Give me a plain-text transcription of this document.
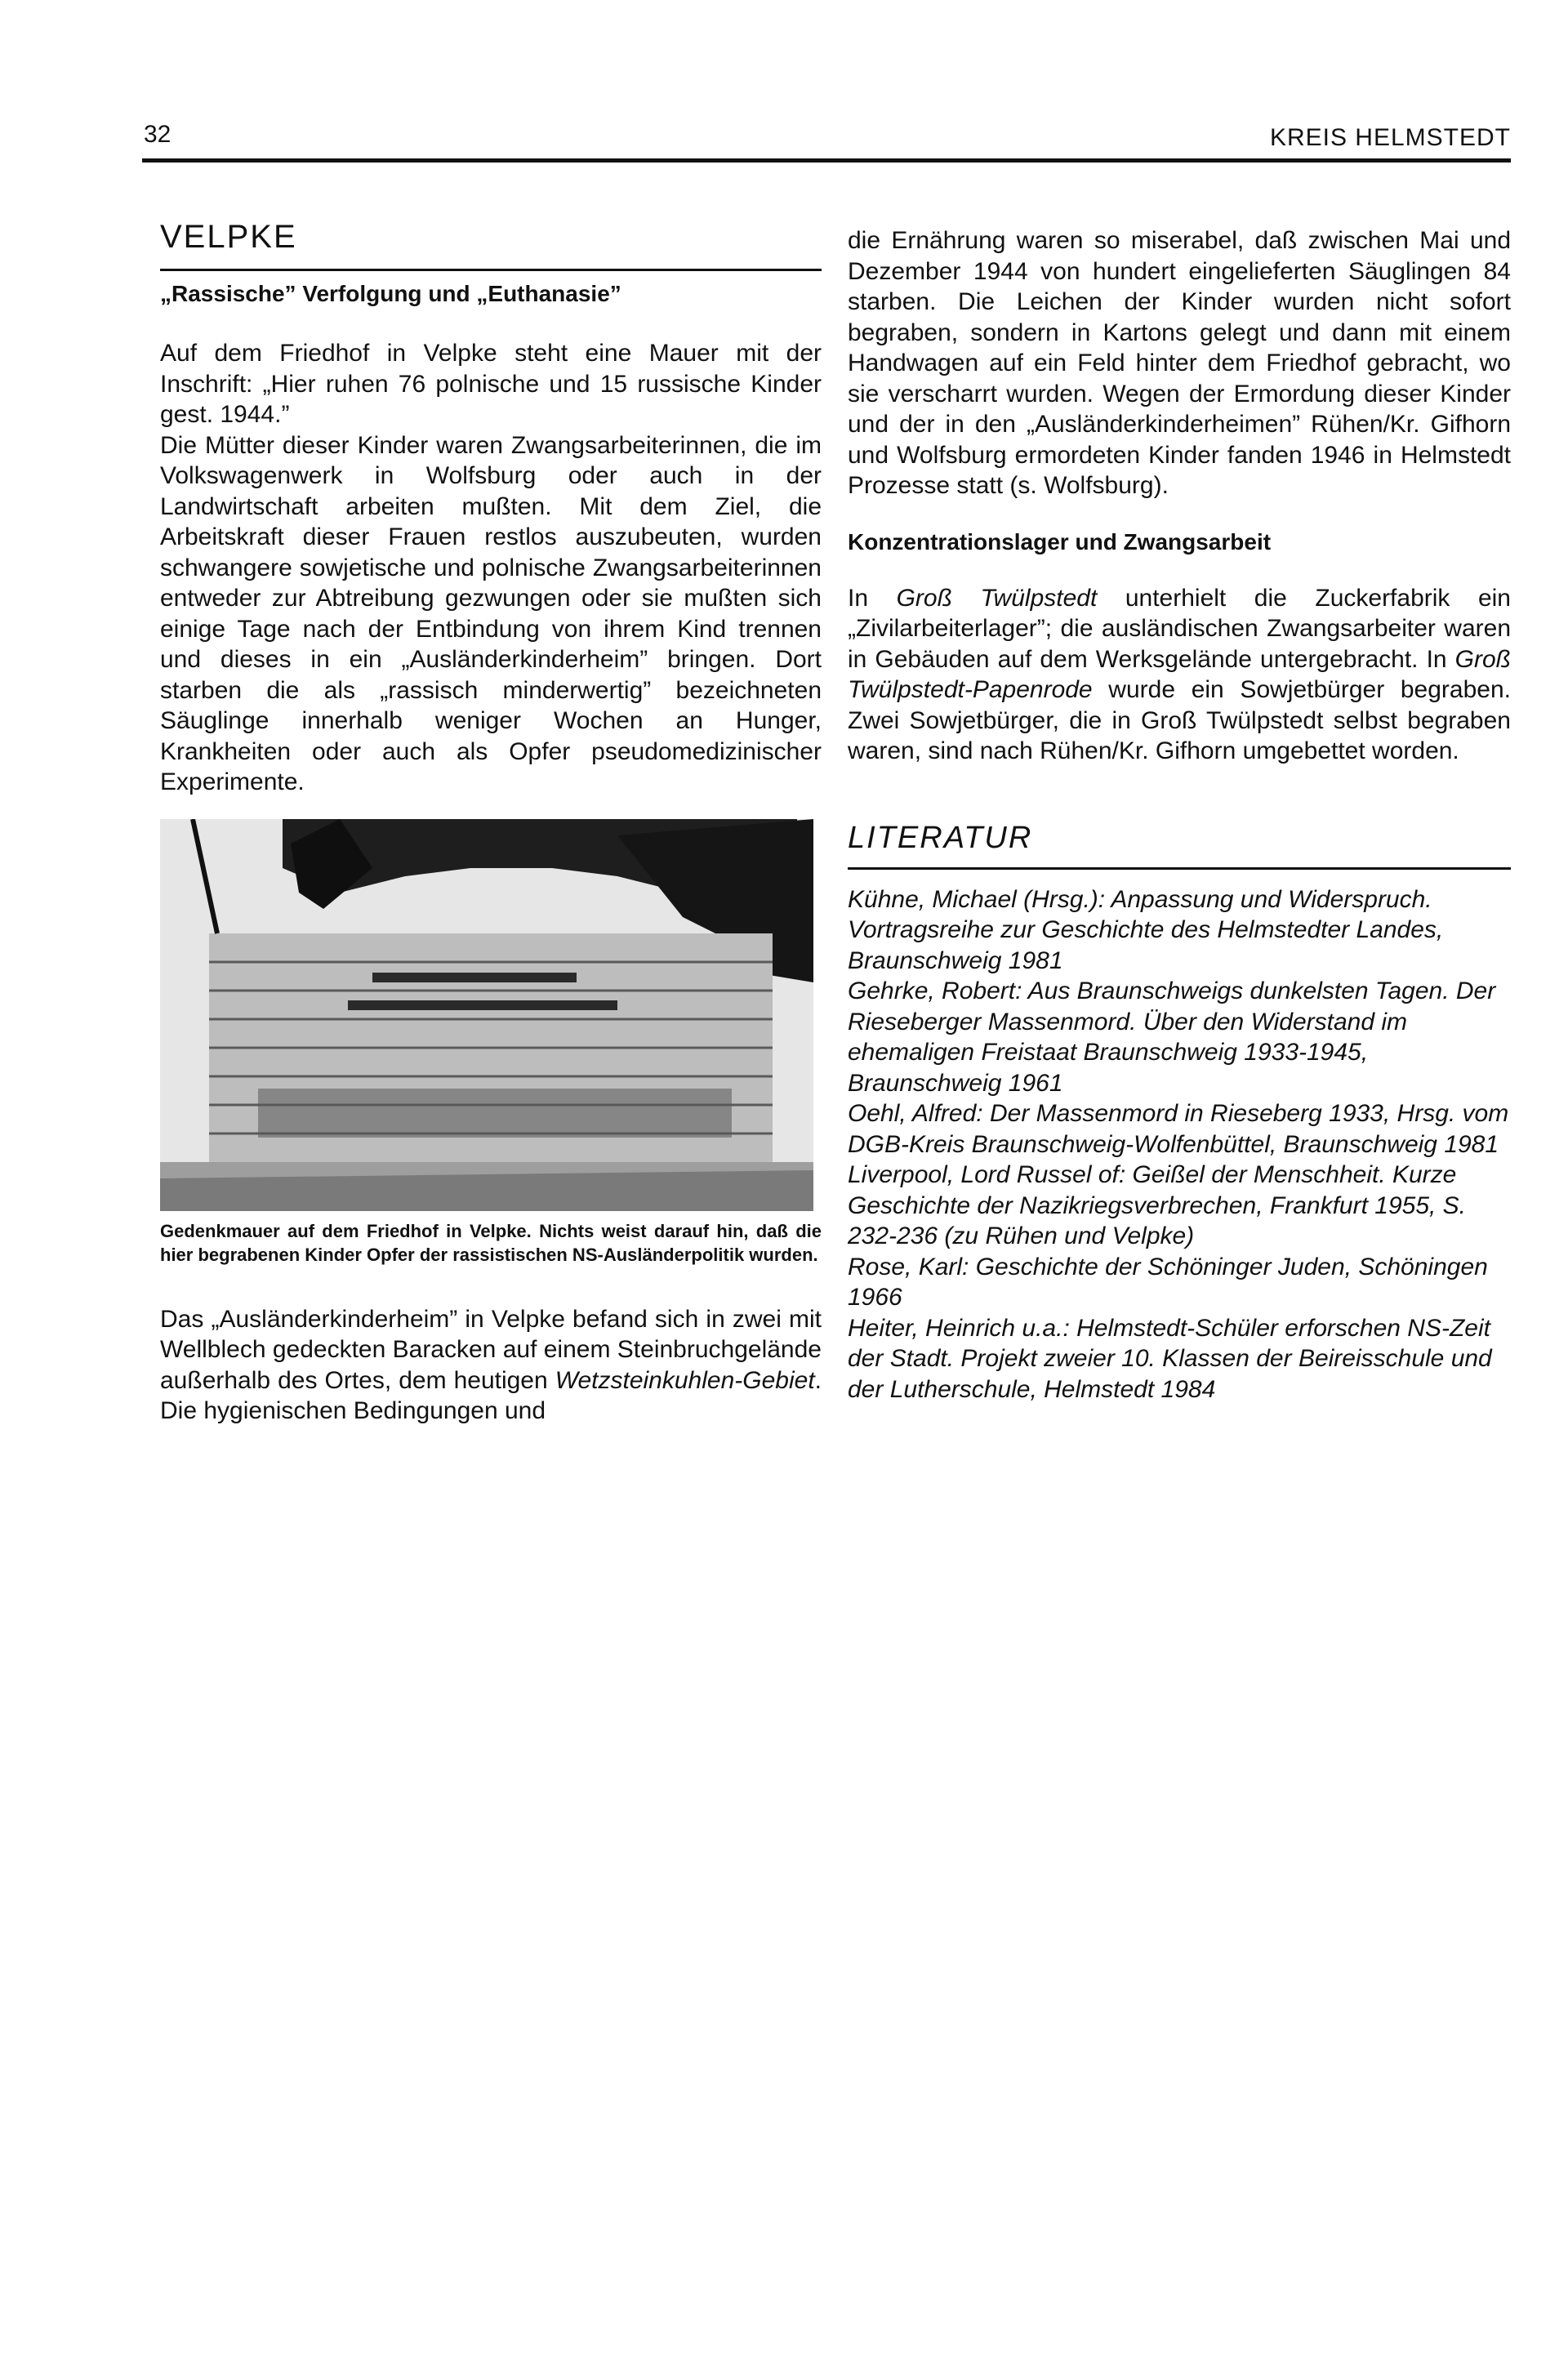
32	KREIS HELMSTEDT
VELPKE
„Rassische” Verfolgung und „Euthanasie”

Auf dem Friedhof in Velpke steht eine Mauer mit der Inschrift: „Hier ruhen 76 polnische und 15 russische Kinder gest. 1944.”

Die Mütter dieser Kinder waren Zwangsarbeiterinnen, die im Volkswagenwerk in Wolfsburg oder auch in der Landwirtschaft arbeiten mußten. Mit dem Ziel, die Arbeitskraft dieser Frauen restlos auszubeuten, wurden schwangere sowjetische und polnische Zwangsarbeiterinnen entweder zur Abtreibung gezwungen oder sie mußten sich einige Tage nach der Entbindung von ihrem Kind trennen und dieses in ein „Ausländerkinderheim” bringen. Dort starben die als „rassisch minderwertig” bezeichneten Säuglinge innerhalb weniger Wochen an Hunger, Krankheiten oder auch als Opfer pseudomedizinischer Experimente.

Gedenkmauer auf dem Friedhof in Velpke. Nichts weist darauf hin, daß die hier begrabenen Kinder Opfer der rassistischen NS-Ausländerpolitik wurden.

Das „Ausländerkinderheim” in Velpke befand sich in zwei mit Wellblech gedeckten Baracken auf einem Steinbruchgelände außerhalb des Ortes, dem heutigen Wetzsteinkuhlen-Gebiet. Die hygienischen Bedingungen und

die Ernährung waren so miserabel, daß zwischen Mai und Dezember 1944 von hundert eingelieferten Säuglingen 84 starben. Die Leichen der Kinder wurden nicht sofort begraben, sondern in Kartons gelegt und dann mit einem Handwagen auf ein Feld hinter dem Friedhof gebracht, wo sie verscharrt wurden. Wegen der Ermordung dieser Kinder und der in den „Ausländerkinderheimen” Rühen/Kr. Gifhorn und Wolfsburg ermordeten Kinder fanden 1946 in Helmstedt Prozesse statt (s. Wolfsburg).

Konzentrationslager und Zwangsarbeit

In Groß Twülpstedt unterhielt die Zuckerfabrik ein „Zivilarbeiterlager”; die ausländischen Zwangsarbeiter waren in Gebäuden auf dem Werksgelände untergebracht. In Groß Twülpstedt-Papenrode wurde ein Sowjetbürger begraben. Zwei Sowjetbürger, die in Groß Twülpstedt selbst begraben waren, sind nach Rühen/Kr. Gifhorn umgebettet worden.

LITERATUR
Kühne, Michael (Hrsg.): Anpassung und Widerspruch. Vortragsreihe zur Geschichte des Helmstedter Landes, Braunschweig 1981
Gehrke, Robert: Aus Braunschweigs dunkelsten Tagen. Der Rieseberger Massenmord. Über den Widerstand im ehemaligen Freistaat Braunschweig 1933-1945, Braunschweig 1961
Oehl, Alfred: Der Massenmord in Rieseberg 1933, Hrsg. vom DGB-Kreis Braunschweig-Wolfenbüttel, Braunschweig 1981
Liverpool, Lord Russel of: Geißel der Menschheit. Kurze Geschichte der Nazikriegsverbrechen, Frankfurt 1955, S. 232-236 (zu Rühen und Velpke)
Rose, Karl: Geschichte der Schöninger Juden, Schöningen 1966
Heiter, Heinrich u.a.: Helmstedt-Schüler erforschen NS-Zeit der Stadt. Projekt zweier 10. Klassen der Beireisschule und der Lutherschule, Helmstedt 1984
